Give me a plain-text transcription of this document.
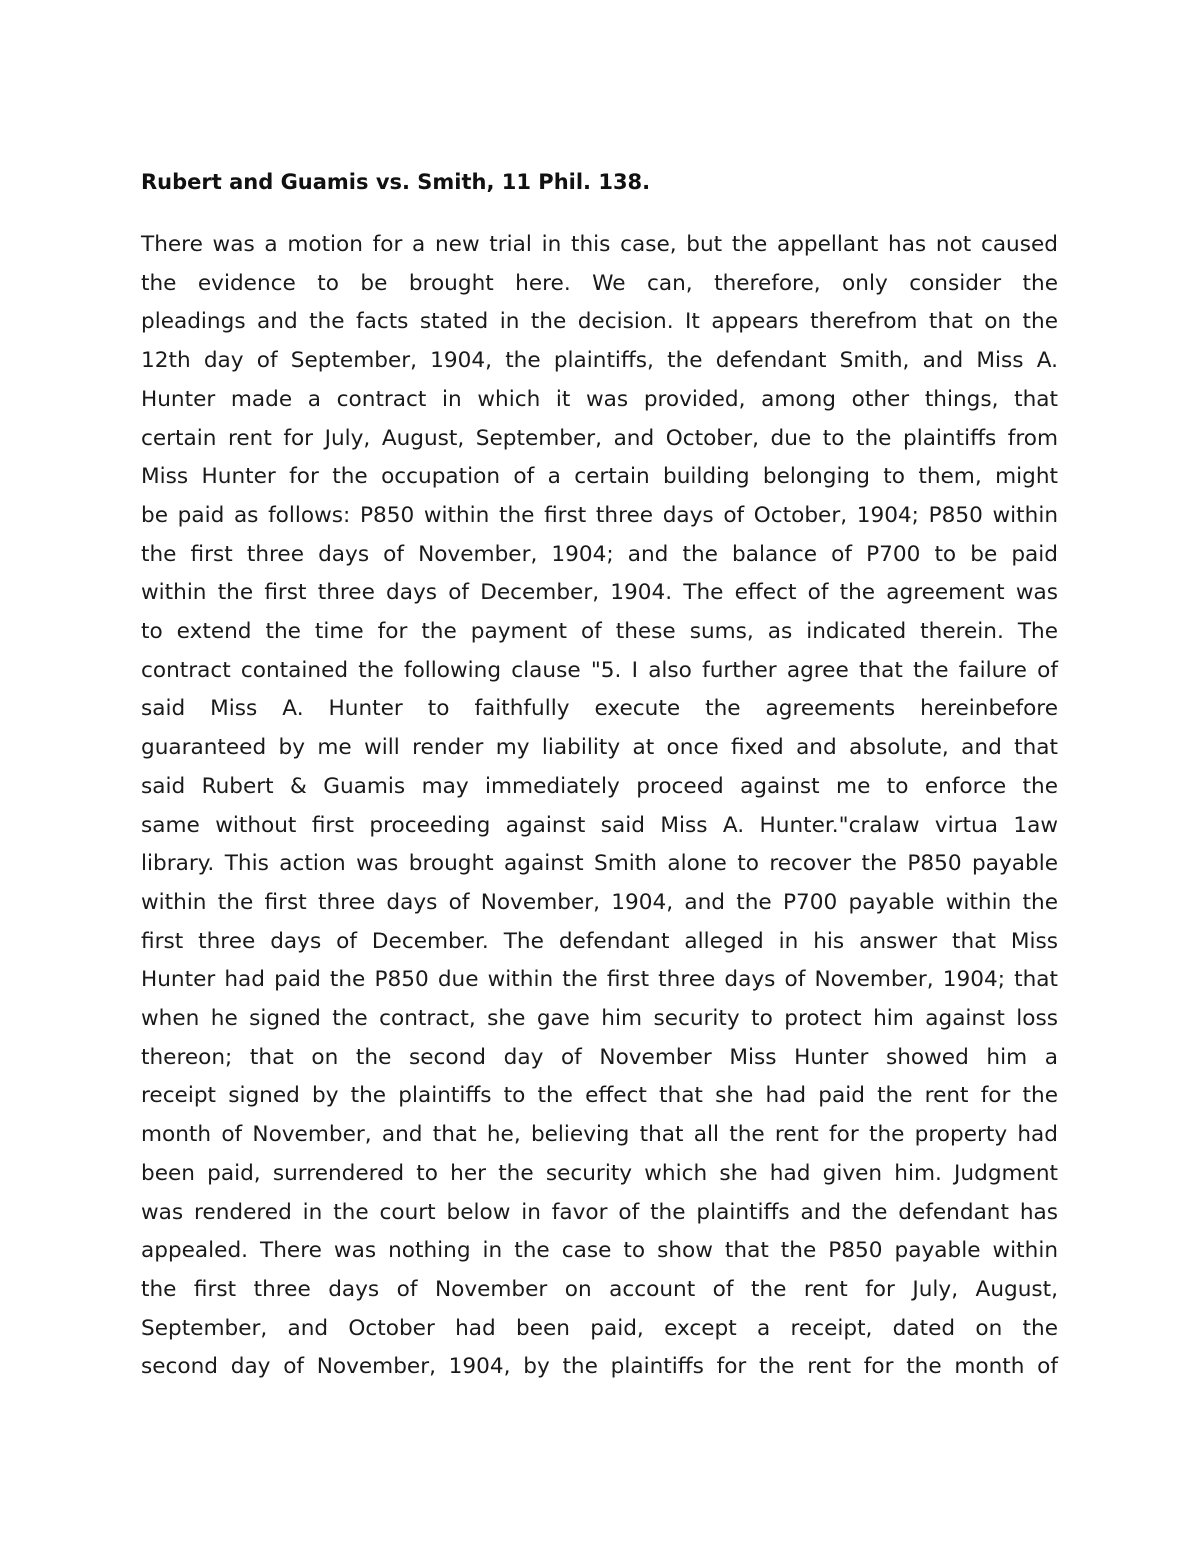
Rubert and Guamis vs. Smith, 11 Phil. 138.
There was a motion for a new trial in this case, but the appellant has not caused
the evidence to be brought here. We can, therefore, only consider the
pleadings and the facts stated in the decision. It appears therefrom that on the
12th day of September, 1904, the plaintiffs, the defendant Smith, and Miss A.
Hunter made a contract in which it was provided, among other things, that
certain rent for July, August, September, and October, due to the plaintiffs from
Miss Hunter for the occupation of a certain building belonging to them, might
be paid as follows: P850 within the first three days of October, 1904; P850 within
the first three days of November, 1904; and the balance of P700 to be paid
within the first three days of December, 1904. The effect of the agreement was
to extend the time for the payment of these sums, as indicated therein. The
contract contained the following clause "5. I also further agree that the failure of
said Miss A. Hunter to faithfully execute the agreements hereinbefore
guaranteed by me will render my liability at once fixed and absolute, and that
said Rubert & Guamis may immediately proceed against me to enforce the
same without first proceeding against said Miss A. Hunter."cralaw virtua 1aw
library. This action was brought against Smith alone to recover the P850 payable
within the first three days of November, 1904, and the P700 payable within the
first three days of December. The defendant alleged in his answer that Miss
Hunter had paid the P850 due within the first three days of November, 1904; that
when he signed the contract, she gave him security to protect him against loss
thereon; that on the second day of November Miss Hunter showed him a
receipt signed by the plaintiffs to the effect that she had paid the rent for the
month of November, and that he, believing that all the rent for the property had
been paid, surrendered to her the security which she had given him. Judgment
was rendered in the court below in favor of the plaintiffs and the defendant has
appealed. There was nothing in the case to show that the P850 payable within
the first three days of November on account of the rent for July, August,
September, and October had been paid, except a receipt, dated on the
second day of November, 1904, by the plaintiffs for the rent for the month of
